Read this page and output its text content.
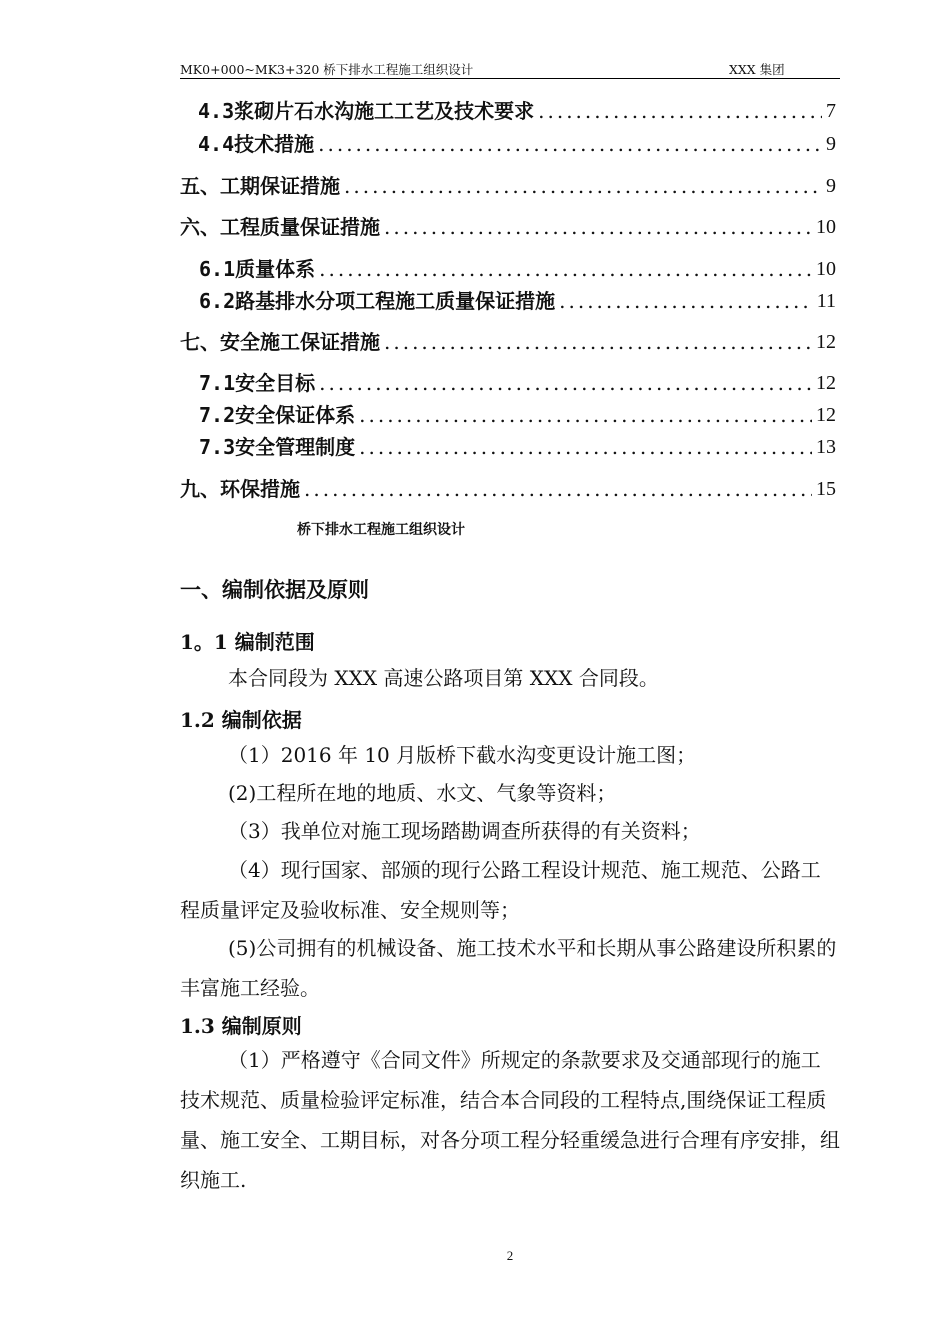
MK0+000~MK3+320 桥下排水工程施工组织设计	XXX 集团
4.3 浆砌片石水沟施工工艺及技术要求 .....	7
4.4 技术措施 .....	9
五、工期保证措施 .....	9
六、工程质量保证措施 .....	10
6.1 质量体系 .....	10
6.2 路基排水分项工程施工质量保证措施 .....	11
七、安全施工保证措施 .....	12
7.1 安全目标 .....	12
7.2 安全保证体系 .....	12
7.3 安全管理制度 .....	13
九、环保措施 .....	15
桥下排水工程施工组织设计
一、编制依据及原则
1。1 编制范围
本合同段为 XXX 高速公路项目第 XXX 合同段。
1.2 编制依据
（1）2016 年 10 月版桥下截水沟变更设计施工图；
(2)工程所在地的地质、水文、气象等资料；
（3）我单位对施工现场踏勘调查所获得的有关资料；
（4）现行国家、部颁的现行公路工程设计规范、施工规范、公路工程质量评定及验收标准、安全规则等；
(5)公司拥有的机械设备、施工技术水平和长期从事公路建设所积累的丰富施工经验。
1.3 编制原则
（1）严格遵守《合同文件》所规定的条款要求及交通部现行的施工技术规范、质量检验评定标准，结合本合同段的工程特点,围绕保证工程质量、施工安全、工期目标，对各分项工程分轻重缓急进行合理有序安排，组织施工.
2
